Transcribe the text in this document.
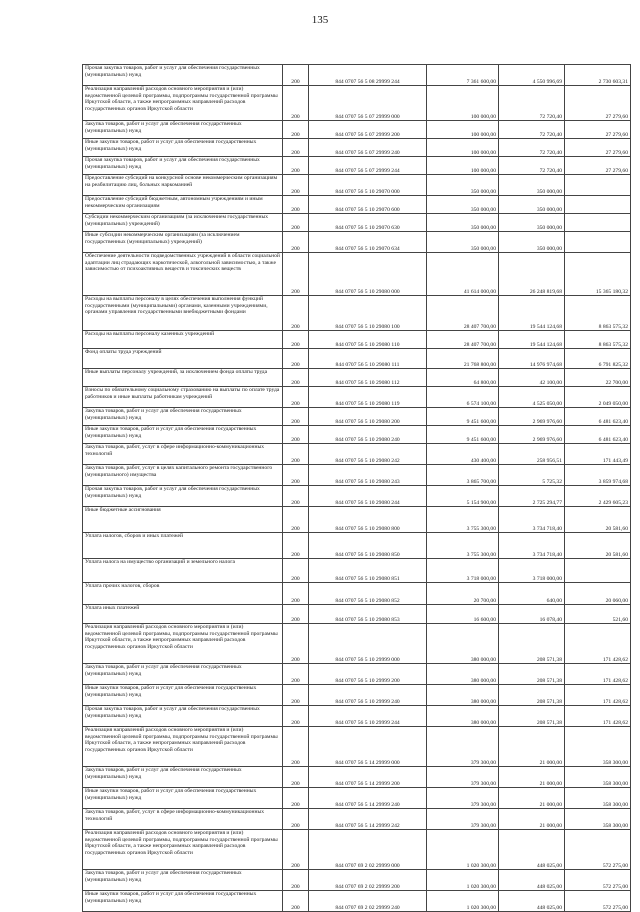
135
Прочая закупка товаров, работ и услуг для обеспечения государственных (муниципальных) нужд	200	844 0707 56 5 08 29999 244	7 361 600,00	4 550 996,69	2 730 603,31
Реализация направлений расходов основного мероприятия и (или) ведомственной целевой программы, подпрограммы государственной программы Иркутской области, а также непрограммных направлений расходов государственных органов Иркутской области	200	844 0707 56 5 07 29999 000	100 000,00	72 720,40	27 279,60
Закупка товаров, работ и услуг для обеспечения государственных (муниципальных) нужд	200	844 0707 56 5 07 29999 200	100 000,00	72 720,40	27 279,60
Иные закупки товаров, работ и услуг для обеспечения государственных (муниципальных) нужд	200	844 0707 56 5 07 29999 240	100 000,00	72 720,40	27 279,60
Прочая закупка товаров, работ и услуг для обеспечения государственных (муниципальных) нужд	200	844 0707 56 5 07 29999 244	100 000,00	72 720,40	27 279,60
Предоставление субсидий на конкурсной основе некоммерческим организациям на реабилитацию лиц, больных наркоманией	200	844 0707 56 5 10 29070 000	350 000,00	350 000,00	
Предоставление субсидий бюджетным, автономным учреждениям и иным некоммерческим организациям	200	844 0707 56 5 10 29070 600	350 000,00	350 000,00	
Субсидии некоммерческим организациям (за исключением государственных (муниципальных) учреждений)	200	844 0707 56 5 10 29070 630	350 000,00	350 000,00	
Иные субсидии некоммерческим организациям (за исключением государственных (муниципальных) учреждений)	200	844 0707 56 5 10 29070 634	350 000,00	350 000,00	
Обеспечение деятельности подведомственных учреждений в области социальной адаптации лиц страдающих наркотической, алкогольной зависимостью, а также зависимостью от психоактивных веществ и токсических веществ	200	844 0707 56 5 10 29080 000	41 614 000,00	26 248 819,68	15 365 180,32
Расходы на выплаты персоналу в целях обеспечения выполнения функций государственными (муниципальными) органами, казенными учреждениями, органами управления государственными внебюджетными фондами	200	844 0707 56 5 10 29080 100	28 407 700,00	19 544 124,68	8 863 575,32
Расходы на выплаты персоналу казенных учреждений	200	844 0707 56 5 10 29080 110	28 407 700,00	19 544 124,68	8 863 575,32
Фонд оплаты труда учреждений	200	844 0707 56 5 10 29080 111	21 768 800,00	14 976 974,68	6 791 825,32
Иные выплаты персоналу учреждений, за исключением фонда оплаты труда	200	844 0707 56 5 10 29080 112	64 800,00	42 100,00	22 700,00
Взносы по обязательному социальному страхованию на выплаты по оплате труда работников и иные выплаты работникам учреждений	200	844 0707 56 5 10 29080 119	6 574 100,00	4 525 050,00	2 049 050,00
Закупка товаров, работ и услуг для обеспечения государственных (муниципальных) нужд	200	844 0707 56 5 10 29080 200	9 451 600,00	2 969 976,60	6 481 623,40
Иные закупки товаров, работ и услуг для обеспечения государственных (муниципальных) нужд	200	844 0707 56 5 10 29080 240	9 451 600,00	2 969 976,60	6 481 623,40
Закупка товаров, работ, услуг в сфере информационно-коммуникационных технологий	200	844 0707 56 5 10 29080 242	430 400,00	258 956,51	171 443,49
Закупка товаров, работ, услуг в целях капитального ремонта государственного (муниципального) имущества	200	844 0707 56 5 10 29080 243	3 865 700,00	5 725,32	3 859 974,68
Прочая закупка товаров, работ и услуг для обеспечения государственных (муниципальных) нужд	200	844 0707 56 5 10 29080 244	5 154 900,00	2 725 294,77	2 429 605,23
Иные бюджетные ассигнования	200	844 0707 56 5 10 29080 800	3 755 300,00	3 734 718,40	20 581,60
Уплата налогов, сборов и иных платежей	200	844 0707 56 5 10 29080 850	3 755 300,00	3 734 718,40	20 581,60
Уплата налога на имущество организаций и земельного налога	200	844 0707 56 5 10 29080 851	3 718 000,00	3 718 000,00	
Уплата прочих налогов, сборов	200	844 0707 56 5 10 29080 852	20 700,00	640,00	20 060,00
Уплата иных платежей	200	844 0707 56 5 10 29080 853	16 600,00	16 078,40	521,60
Реализация направлений расходов основного мероприятия и (или) ведомственной целевой программы, подпрограммы государственной программы Иркутской области, а также непрограммных направлений расходов государственных органов Иркутской области	200	844 0707 56 5 10 29999 000	380 000,00	208 571,38	171 428,62
Закупка товаров, работ и услуг для обеспечения государственных (муниципальных) нужд	200	844 0707 56 5 10 29999 200	380 000,00	208 571,38	171 428,62
Иные закупки товаров, работ и услуг для обеспечения государственных (муниципальных) нужд	200	844 0707 56 5 10 29999 240	380 000,00	208 571,38	171 428,62
Прочая закупка товаров, работ и услуг для обеспечения государственных (муниципальных) нужд	200	844 0707 56 5 10 29999 244	380 000,00	208 571,38	171 428,62
Реализация направлений расходов основного мероприятия и (или) ведомственной целевой программы, подпрограммы государственной программы Иркутской области, а также непрограммных направлений расходов государственных органов Иркутской области	200	844 0707 56 5 14 29999 000	379 300,00	21 000,00	358 300,00
Закупка товаров, работ и услуг для обеспечения государственных (муниципальных) нужд	200	844 0707 56 5 14 29999 200	379 300,00	21 000,00	358 300,00
Иные закупки товаров, работ и услуг для обеспечения государственных (муниципальных) нужд	200	844 0707 56 5 14 29999 240	379 300,00	21 000,00	358 300,00
Закупка товаров, работ, услуг в сфере информационно-коммуникационных технологий	200	844 0707 56 5 14 29999 242	379 300,00	21 000,00	358 300,00
Реализация направлений расходов основного мероприятия и (или) ведомственной целевой программы, подпрограммы государственной программы Иркутской области, а также непрограммных направлений расходов государственных органов Иркутской области	200	844 0707 69 2 02 29999 000	1 020 300,00	448 025,00	572 275,00
Закупка товаров, работ и услуг для обеспечения государственных (муниципальных) нужд	200	844 0707 69 2 02 29999 200	1 020 300,00	448 025,00	572 275,00
Иные закупки товаров, работ и услуг для обеспечения государственных (муниципальных) нужд	200	844 0707 69 2 02 29999 240	1 020 300,00	448 025,00	572 275,00
